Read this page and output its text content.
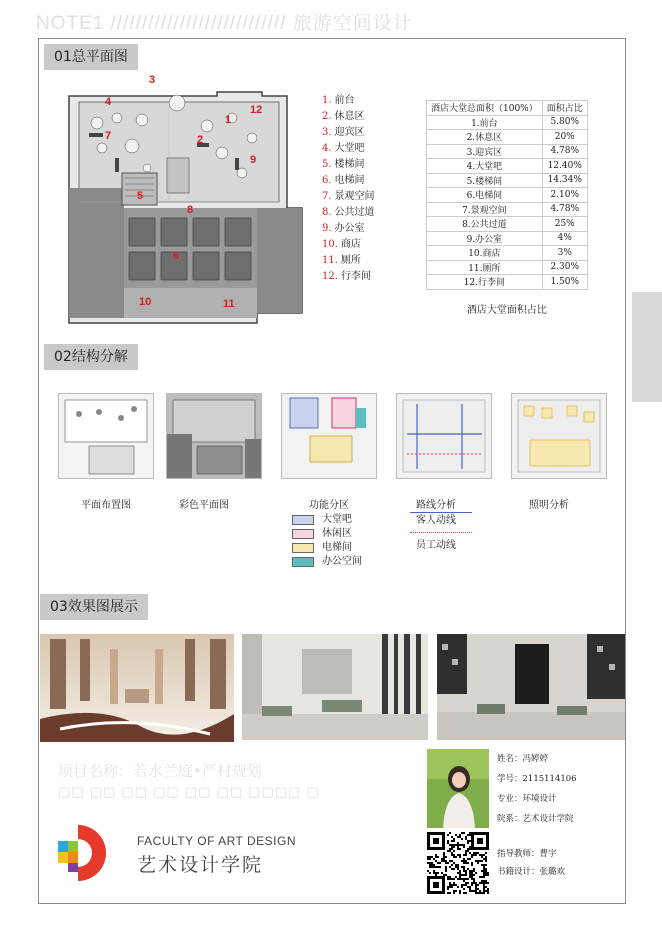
NOTE1 //////////////////////////// 旅游空间设计
01总平面图
1
2
3
4
5
6
7
8
9
10	11
12
1. 前台
2. 休息区
3. 迎宾区
4. 大堂吧
5. 楼梯间
6. 电梯间
7. 景观空间
8. 公共过道
9. 办公室
10. 商店
11. 厕所
12. 行李间
酒店大堂总面积（100%）	面积占比
1.前台	5.80%
2.休息区	20%
3.迎宾区	4.78%
4.大堂吧	12.40%
5.楼梯间	14.34%
6.电梯间	2.10%
7.景观空间	4.78%
8.公共过道	25%
9.办公室	4%
10.商店	3%
11.厕所	2.30%
12.行李间	1.50%
酒店大堂面积占比
02结构分解
平面布置图	彩色平面图	功能分区	路线分析	照明分析
大堂吧
休闲区
电梯间
办公空间
客人动线
员工动线
03效果图展示
项目名称：若水兰庭•严村规划
□□ □□ □□ □□ □□ □□ □□□□ □
FACULTY OF ART DESIGN
艺术设计学院
姓名：冯婷婷
学号：2115114106
专业：环境设计
院系：艺术设计学院
指导教师：曹宇
书籍设计：张璐欢
